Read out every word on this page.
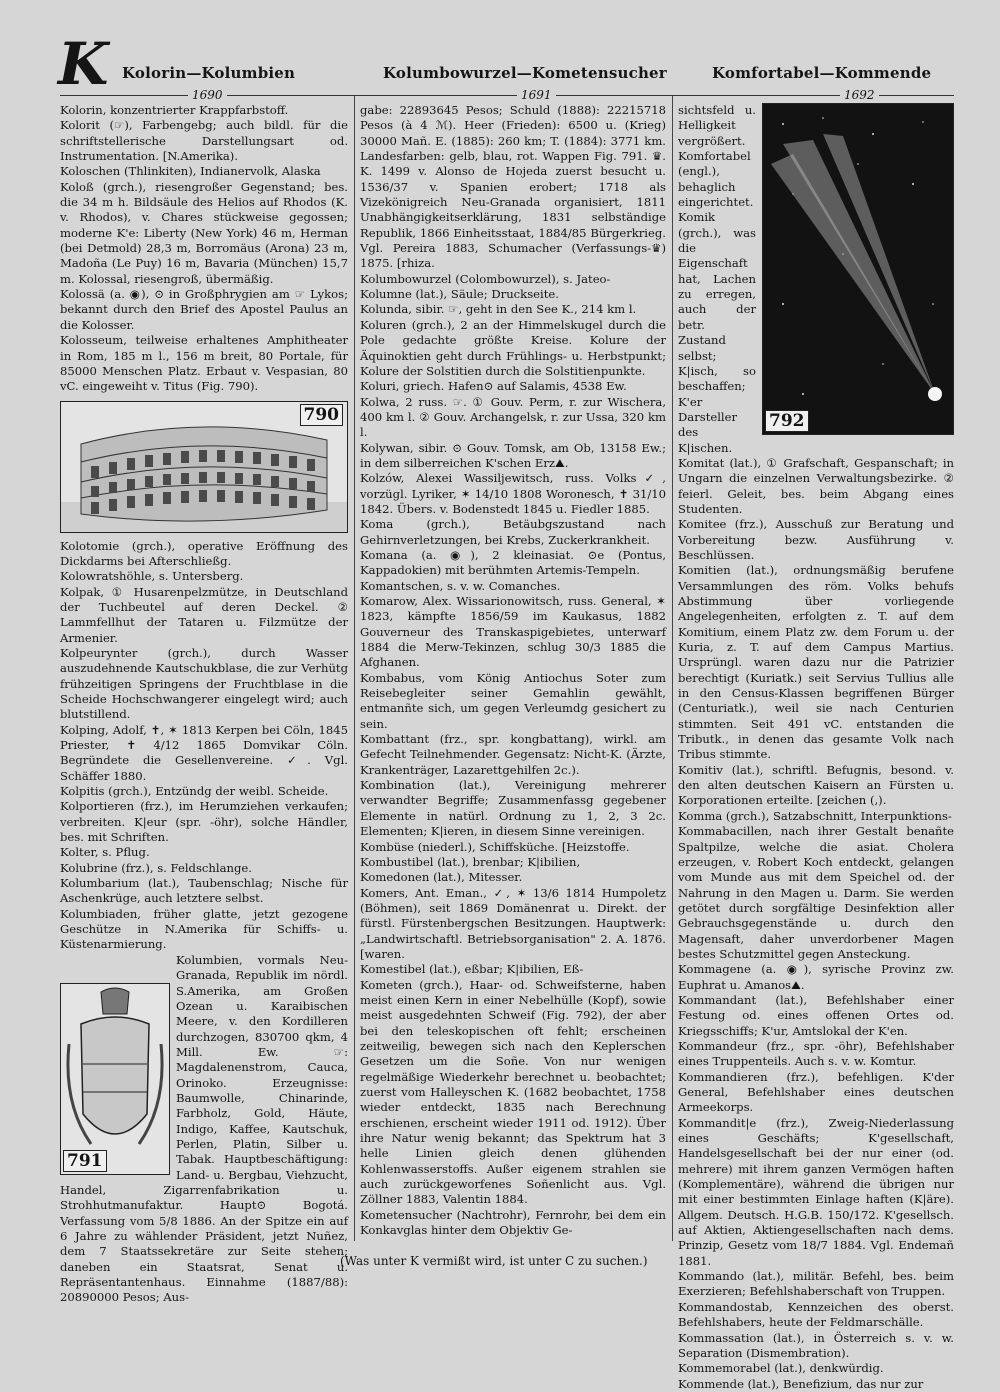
K Kolorin—Kolumbien	Kolumbowurzel—Kometensucher	Komfortabel—Kommende
1690	1691	1692

Kolorin, konzentrierter Krappfarbstoff.

Kolorit (☞), Farbengebg; auch bildl. für die schriftstellerische Darstellungsart od. Instrumentation. [N.Amerika).

Koloschen (Thlinkiten), Indianervolk, Alaska

Koloß (grch.), riesengroßer Gegenstand; bes. die 34 m h. Bildsäule des Helios auf Rhodos (K. v. Rhodos), v. Chares stückweise gegossen; moderne K'e: Liberty (New York) 46 m, Herman (bei Detmold) 28,3 m, Borromäus (Arona) 23 m, Madoña (Le Puy) 16 m, Bavaria (München) 15,7 m. Kolossal, riesengroß, übermäßig.

Kolossä (a. ◉), ⊙ in Großphrygien am ☞ Lykos; bekannt durch den Brief des Apostel Paulus an die Kolosser.

Kolosseum, teilweise erhaltenes Amphitheater in Rom, 185 m l., 156 m breit, 80 Portale, für 85000 Menschen Platz. Erbaut v. Vespasian, 80 vC. eingeweiht v. Titus (Fig. 790).

790

Kolotomie (grch.), operative Eröffnung des Dickdarms bei Afterschließg.

Kolowratshöhle, s. Untersberg.

Kolpak, ① Husarenpelzmütze, in Deutschland der Tuchbeutel auf deren Deckel. ② Lammfellhut der Tataren u. Filzmütze der Armenier.

Kolpeurynter (grch.), durch Wasser auszudehnende Kautschukblase, die zur Verhütg frühzeitigen Springens der Fruchtblase in die Scheide Hochschwangerer eingelegt wird; auch blutstillend.

Kolping, Adolf, ✝, ✶ 1813 Kerpen bei Cöln, 1845 Priester, ✝ 4/12 1865 Domvikar Cöln. Begründete die Gesellenvereine. ✓. Vgl. Schäffer 1880.

Kolpitis (grch.), Entzündg der weibl. Scheide.

Kolportieren (frz.), im Herumziehen verkaufen; verbreiten. K|eur (spr. -öhr), solche Händler, bes. mit Schriften.

Kolter, s. Pflug.

Kolubrine (frz.), s. Feldschlange.

Kolumbarium (lat.), Taubenschlag; Nische für Aschenkrüge, auch letztere selbst.

Kolumbiaden, früher glatte, jetzt gezogene Geschütze in N.Amerika für Schiffs- u. Küstenarmierung.

791

Kolumbien, vormals Neu-Granada, Republik im nördl. S.Amerika, am Großen Ozean u. Karaibischen Meere, v. den Kordilleren durchzogen, 830700 qkm, 4 Mill. Ew. ☞: Magdalenenstrom, Cauca, Orinoko. Erzeugnisse: Baumwolle, Chinarinde, Farbholz, Gold, Häute, Indigo, Kaffee, Kautschuk, Perlen, Platin, Silber u. Tabak. Hauptbeschäftigung: Land- u. Bergbau, Viehzucht, Handel, Zigarrenfabrikation u. Strohhutmanufaktur. Haupt⊙ Bogotá. Verfassung vom 5/8 1886. An der Spitze ein auf 6 Jahre zu wählender Präsident, jetzt Nuñez, dem 7 Staatssekretäre zur Seite stehen; daneben ein Staatsrat, Senat u. Repräsentantenhaus. Einnahme (1887/88): 20890000 Pesos; Aus-

gabe: 22893645 Pesos; Schuld (1888): 22215718 Pesos (à 4 ℳ). Heer (Frieden): 6500 u. (Krieg) 30000 Mañ. E. (1885): 260 km; T. (1884): 3771 km. Landesfarben: gelb, blau, rot. Wappen Fig. 791. ♛. K. 1499 v. Alonso de Hojeda zuerst besucht u. 1536/37 v. Spanien erobert; 1718 als Vizekönigreich Neu-Granada organisiert, 1811 Unabhängigkeitserklärung, 1831 selbständige Republik, 1866 Einheitsstaat, 1884/85 Bürgerkrieg. Vgl. Pereira 1883, Schumacher (Verfassungs-♛) 1875. [rhiza.

Kolumbowurzel (Colombowurzel), s. Jateo-

Kolumne (lat.), Säule; Druckseite.

Kolunda, sibir. ☞, geht in den See K., 214 km l.

Koluren (grch.), 2 an der Himmelskugel durch die Pole gedachte größte Kreise. Kolure der Äquinoktien geht durch Frühlings- u. Herbstpunkt; Kolure der Solstitien durch die Solstitienpunkte.

Koluri, griech. Hafen⊙ auf Salamis, 4538 Ew.

Kolwa, 2 russ. ☞. ① Gouv. Perm, r. zur Wischera, 400 km l. ② Gouv. Archangelsk, r. zur Ussa, 320 km l.

Kolywan, sibir. ⊙ Gouv. Tomsk, am Ob, 13158 Ew.; in dem silberreichen K'schen Erz⛰.

Kolzów, Alexei Wassiljewitsch, russ. Volks✓, vorzügl. Lyriker, ✶ 14/10 1808 Woronesch, ✝ 31/10 1842. Übers. v. Bodenstedt 1845 u. Fiedler 1885.

Koma (grch.), Betäubgszustand nach Gehirnverletzungen, bei Krebs, Zuckerkrankheit.

Komana (a. ◉), 2 kleinasiat. ⊙e (Pontus, Kappadokien) mit berühmten Artemis-Tempeln.

Komantschen, s. v. w. Comanches.

Komarow, Alex. Wissarionowitsch, russ. General, ✶ 1823, kämpfte 1856/59 im Kaukasus, 1882 Gouverneur des Transkaspigebietes, unterwarf 1884 die Merw-Tekinzen, schlug 30/3 1885 die Afghanen.

Kombabus, vom König Antiochus Soter zum Reisebegleiter seiner Gemahlin gewählt, entmanñte sich, um gegen Verleumdg gesichert zu sein.

Kombattant (frz., spr. kongbattang), wirkl. am Gefecht Teilnehmender. Gegensatz: Nicht-K. (Ärzte, Krankenträger, Lazarettgehilfen 2c.).

Kombination (lat.), Vereinigung mehrerer verwandter Begriffe; Zusammenfassg gegebener Elemente in natürl. Ordnung zu 1, 2, 3 2c. Elementen; K|ieren, in diesem Sinne vereinigen.

Kombüse (niederl.), Schiffsküche. [Heizstoffe.

Kombustibel (lat.), brenbar; K|ibilien,

Komedonen (lat.), Mitesser.

Komers, Ant. Eman., ✓, ✶ 13/6 1814 Humpoletz (Böhmen), seit 1869 Domänenrat u. Direkt. der fürstl. Fürstenbergschen Besitzungen. Hauptwerk: „Landwirtschaftl. Betriebsorganisation" 2. A. 1876. [waren.

Komestibel (lat.), eßbar; K|ibilien, Eß-

Kometen (grch.), Haar- od. Schweifsterne, haben meist einen Kern in einer Nebelhülle (Kopf), sowie meist ausgedehnten Schweif (Fig. 792), der aber bei den teleskopischen oft fehlt; erscheinen zeitweilig, bewegen sich nach den Keplerschen Gesetzen um die Soñe. Von nur wenigen regelmäßige Wiederkehr berechnet u. beobachtet; zuerst vom Halleyschen K. (1682 beobachtet, 1758 wieder entdeckt, 1835 nach Berechnung erschienen, erscheint wieder 1911 od. 1912). Über ihre Natur wenig bekannt; das Spektrum hat 3 helle Linien gleich denen glühenden Kohlenwasserstoffs. Außer eigenem strahlen sie auch zurückgeworfenes Soñenlicht aus. Vgl. Zöllner 1883, Valentin 1884.

Kometensucher (Nachtrohr), Fernrohr, bei dem ein Konkavglas hinter dem Objektiv Ge-

792

sichtsfeld u. Helligkeit vergrößert.

Komfortabel (engl.), behaglich eingerichtet.

Komik (grch.), was die Eigenschaft hat, Lachen zu erregen, auch der betr. Zustand selbst; K|isch, so beschaffen; K'er Darsteller des K|ischen.

Komitat (lat.), ① Grafschaft, Gespanschaft; in Ungarn die einzelnen Verwaltungsbezirke. ② feierl. Geleit, bes. beim Abgang eines Studenten.

Komitee (frz.), Ausschuß zur Beratung und Vorbereitung bezw. Ausführung v. Beschlüssen.

Komitien (lat.), ordnungsmäßig berufene Versammlungen des röm. Volks behufs Abstimmung über vorliegende Angelegenheiten, erfolgten z. T. auf dem Komitium, einem Platz zw. dem Forum u. der Kuria, z. T. auf dem Campus Martius. Ursprüngl. waren dazu nur die Patrizier berechtigt (Kuriatk.) seit Servius Tullius alle in den Census-Klassen begriffenen Bürger (Centuriatk.), weil sie nach Centurien stimmten. Seit 491 vC. entstanden die Tributk., in denen das gesamte Volk nach Tribus stimmte.

Komitiv (lat.), schriftl. Befugnis, besond. v. den alten deutschen Kaisern an Fürsten u. Korporationen erteilte. [zeichen (,).

Komma (grch.), Satzabschnitt, Interpunktions-

Kommabacillen, nach ihrer Gestalt benañte Spaltpilze, welche die asiat. Cholera erzeugen, v. Robert Koch entdeckt, gelangen vom Munde aus mit dem Speichel od. der Nahrung in den Magen u. Darm. Sie werden getötet durch sorgfältige Desinfektion aller Gebrauchsgegenstände u. durch den Magensaft, daher unverdorbener Magen bestes Schutzmittel gegen Ansteckung.

Kommagene (a. ◉), syrische Provinz zw. Euphrat u. Amanos⛰.

Kommandant (lat.), Befehlshaber einer Festung od. eines offenen Ortes od. Kriegsschiffs; K'ur, Amtslokal der K'en.

Kommandeur (frz., spr. -öhr), Befehlshaber eines Truppenteils. Auch s. v. w. Komtur.

Kommandieren (frz.), befehligen. K'der General, Befehlshaber eines deutschen Armeekorps.

Kommandit|e (frz.), Zweig-Niederlassung eines Geschäfts; K'gesellschaft, Handelsgesellschaft bei der nur einer (od. mehrere) mit ihrem ganzen Vermögen haften (Komplementäre), während die übrigen nur mit einer bestimmten Einlage haften (K|äre). Allgem. Deutsch. H.G.B. 150/172. K'gesellsch. auf Aktien, Aktiengesellschaften nach dems. Prinzip, Gesetz vom 18/7 1884. Vgl. Endemañ 1881.

Kommando (lat.), militär. Befehl, bes. beim Exerzieren; Befehlshaberschaft von Truppen.

Kommandostab, Kennzeichen des oberst. Befehlshabers, heute der Feldmarschälle.

Kommassation (lat.), in Österreich s. v. w. Separation (Dismembration).

Kommemorabel (lat.), denkwürdig.

Kommende (lat.), Benefizium, das nur zur

(Was unter K vermißt wird, ist unter C zu suchen.)
